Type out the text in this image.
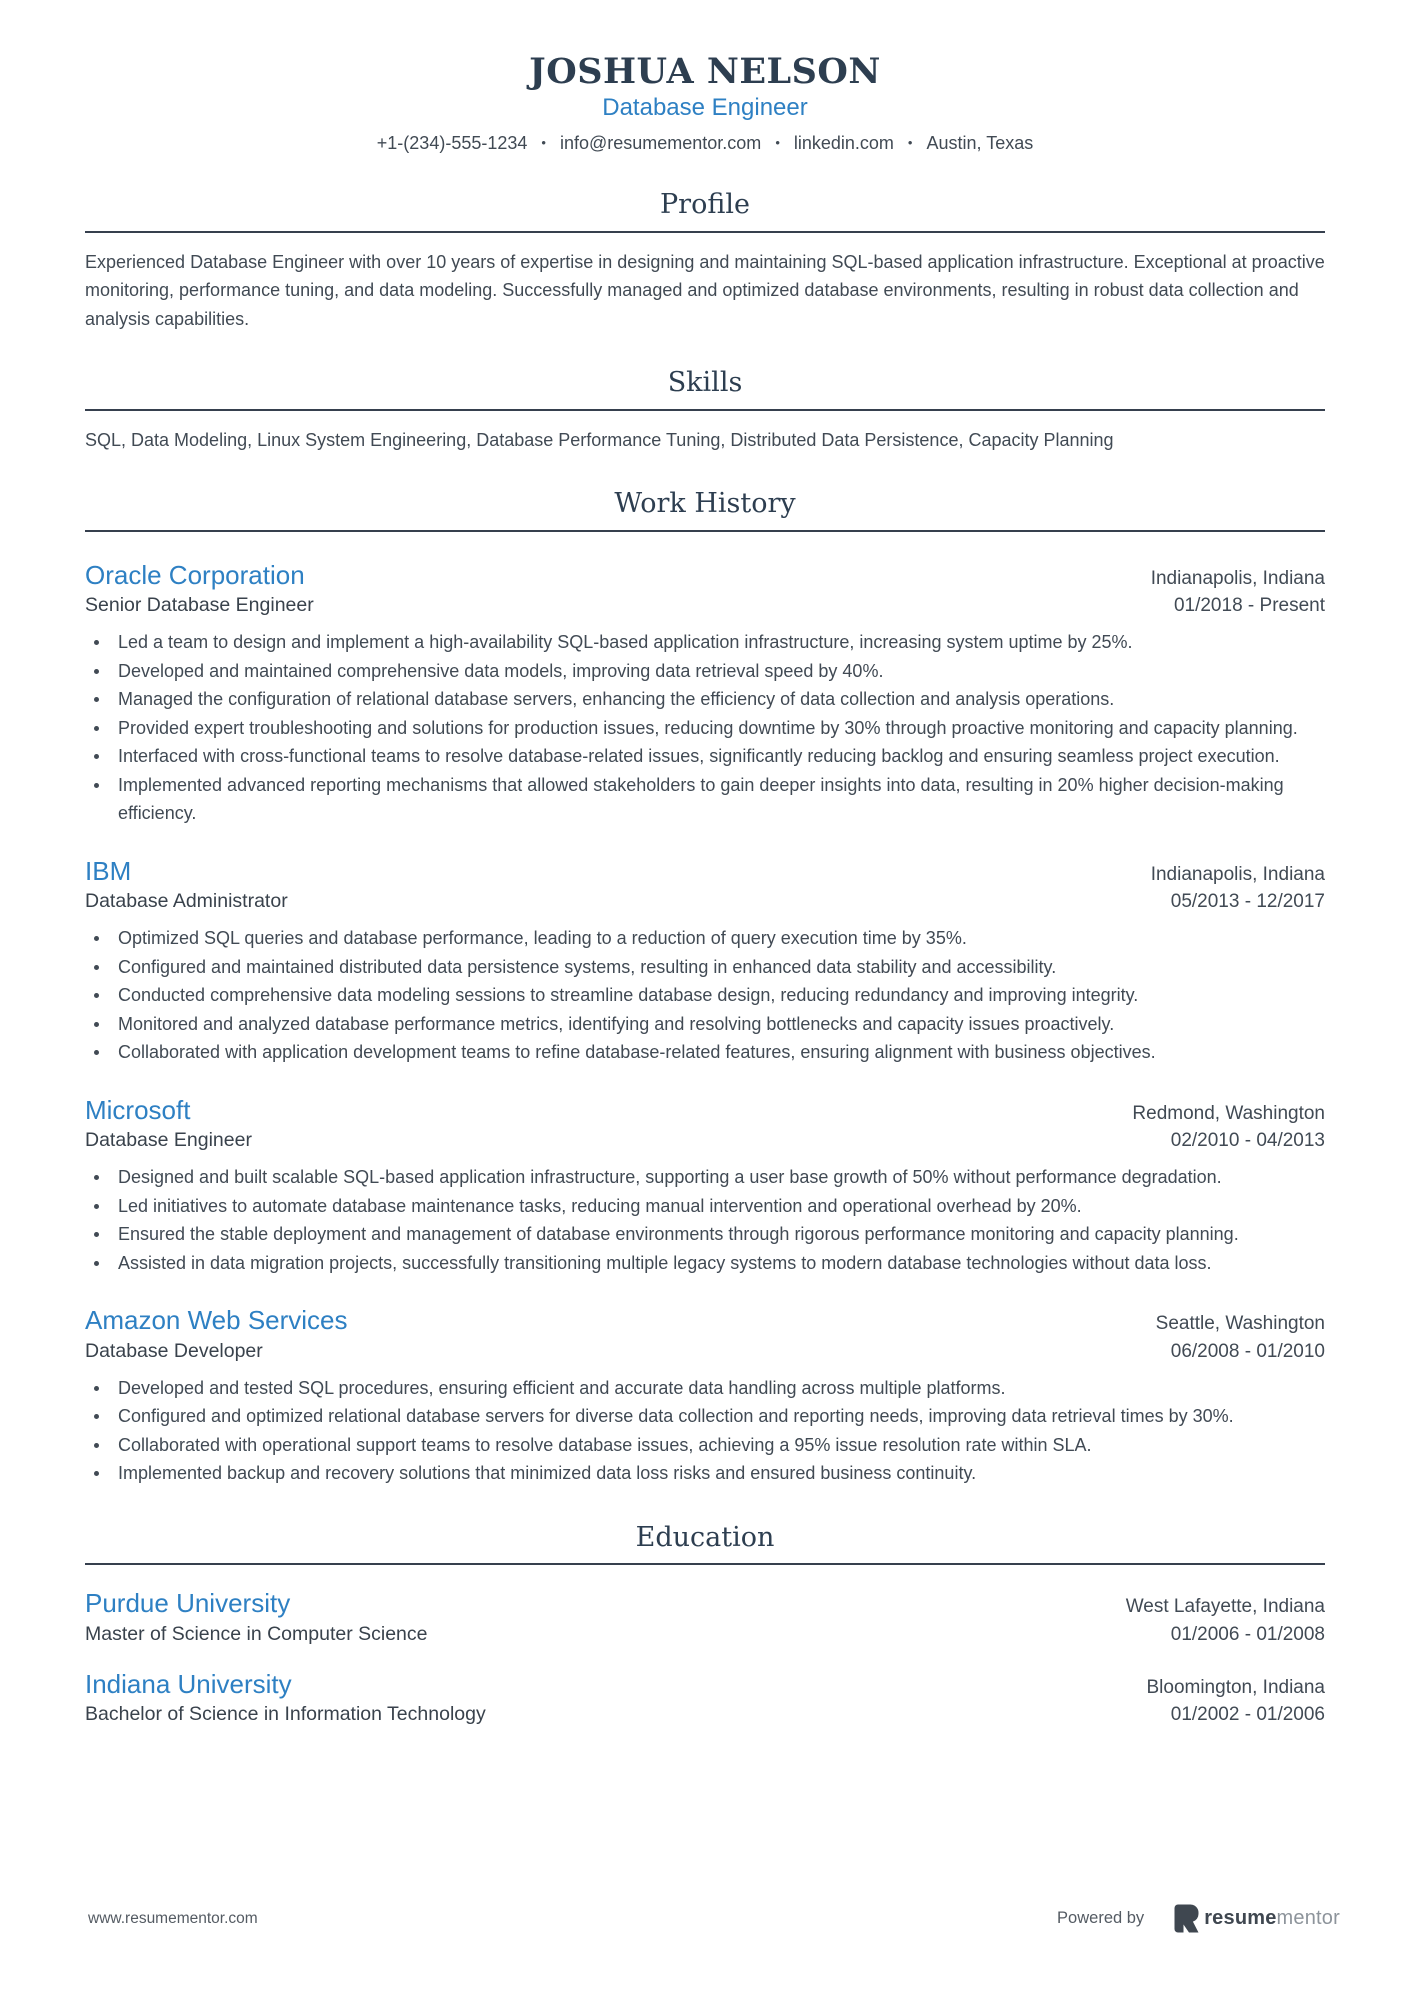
JOSHUA NELSON
Database Engineer
+1-(234)-555-1234 • info@resumementor.com • linkedin.com • Austin, Texas
Profile

Experienced Database Engineer with over 10 years of expertise in designing and maintaining SQL-based application infrastructure. Exceptional at proactive monitoring, performance tuning, and data modeling. Successfully managed and optimized database environments, resulting in robust data collection and analysis capabilities.

Skills

SQL, Data Modeling, Linux System Engineering, Database Performance Tuning, Distributed Data Persistence, Capacity Planning

Work History
Oracle Corporation	Indianapolis, Indiana
Senior Database Engineer	01/2018 - Present
Led a team to design and implement a high-availability SQL-based application infrastructure, increasing system uptime by 25%.
Developed and maintained comprehensive data models, improving data retrieval speed by 40%.
Managed the configuration of relational database servers, enhancing the efficiency of data collection and analysis operations.
Provided expert troubleshooting and solutions for production issues, reducing downtime by 30% through proactive monitoring and capacity planning.
Interfaced with cross-functional teams to resolve database-related issues, significantly reducing backlog and ensuring seamless project execution.
Implemented advanced reporting mechanisms that allowed stakeholders to gain deeper insights into data, resulting in 20% higher decision-making efficiency.
IBM	Indianapolis, Indiana
Database Administrator	05/2013 - 12/2017
Optimized SQL queries and database performance, leading to a reduction of query execution time by 35%.
Configured and maintained distributed data persistence systems, resulting in enhanced data stability and accessibility.
Conducted comprehensive data modeling sessions to streamline database design, reducing redundancy and improving integrity.
Monitored and analyzed database performance metrics, identifying and resolving bottlenecks and capacity issues proactively.
Collaborated with application development teams to refine database-related features, ensuring alignment with business objectives.
Microsoft	Redmond, Washington
Database Engineer	02/2010 - 04/2013
Designed and built scalable SQL-based application infrastructure, supporting a user base growth of 50% without performance degradation.
Led initiatives to automate database maintenance tasks, reducing manual intervention and operational overhead by 20%.
Ensured the stable deployment and management of database environments through rigorous performance monitoring and capacity planning.
Assisted in data migration projects, successfully transitioning multiple legacy systems to modern database technologies without data loss.
Amazon Web Services	Seattle, Washington
Database Developer	06/2008 - 01/2010
Developed and tested SQL procedures, ensuring efficient and accurate data handling across multiple platforms.
Configured and optimized relational database servers for diverse data collection and reporting needs, improving data retrieval times by 30%.
Collaborated with operational support teams to resolve database issues, achieving a 95% issue resolution rate within SLA.
Implemented backup and recovery solutions that minimized data loss risks and ensured business continuity.
Education
Purdue University	West Lafayette, Indiana
Master of Science in Computer Science	01/2006 - 01/2008
Indiana University	Bloomington, Indiana
Bachelor of Science in Information Technology	01/2002 - 01/2006
www.resumementor.com	Powered by	resumementor
